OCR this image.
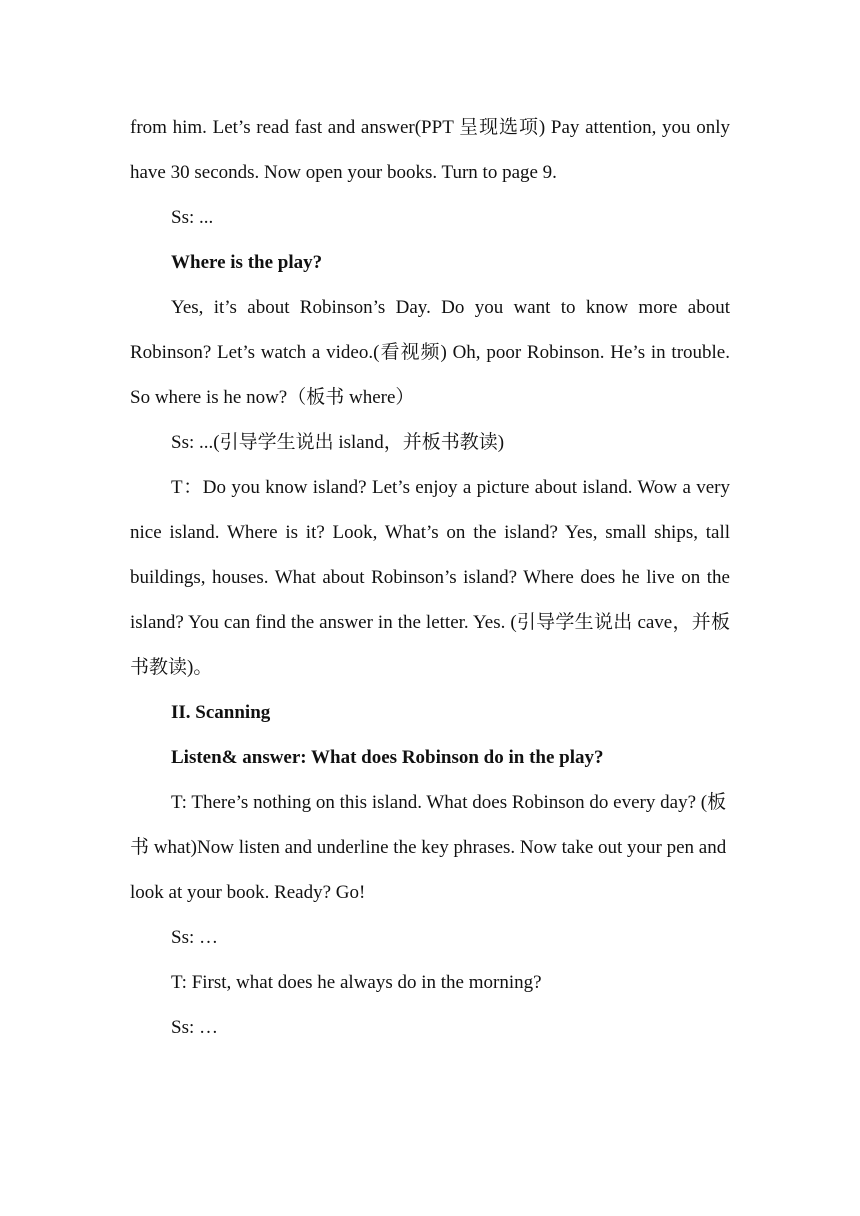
from him. Let’s read fast and answer(PPT 呈现选项) Pay attention, you only have 30 seconds. Now open your books. Turn to page 9.

Ss: ...

Where is the play?

Yes, it’s about Robinson’s Day. Do you want to know more about Robinson? Let’s watch a video.(看视频) Oh, poor Robinson. He’s in trouble. So where is he now?（板书 where）

Ss: ...(引导学生说出 island，并板书教读)

T：Do you know island? Let’s enjoy a picture about island. Wow a very nice island. Where is it? Look, What’s on the island? Yes, small ships, tall buildings, houses. What about Robinson’s island? Where does he live on the island? You can find the answer in the letter. Yes. (引导学生说出 cave，并板书教读)。

II. Scanning

Listen& answer: What does Robinson do in the play?

T: There’s nothing on this island. What does Robinson do every day? (板书 what)Now listen and underline the key phrases. Now take out your pen and look at your book. Ready? Go!

Ss: …

T: First, what does he always do in the morning?

Ss: …
